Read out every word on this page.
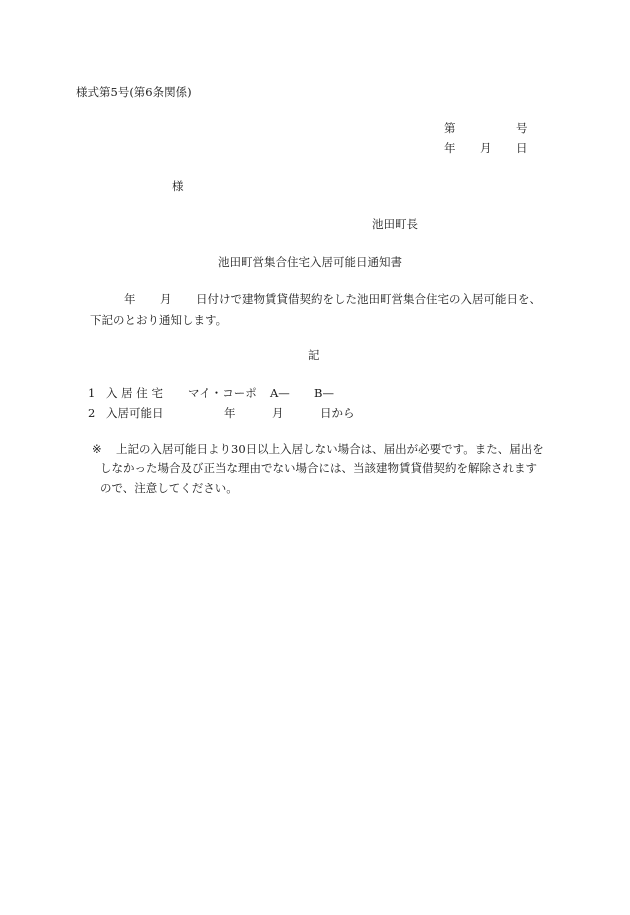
様式第5号(第6条関係)
第	号
年 月 日
様
池田町長
池田町営集合住宅入居可能日通知書
年 月 日付けで建物賃貸借契約をした池田町営集合住宅の入居可能日を、
下記のとおり通知します。
記
1 入 居 住 宅 マイ・コーポ A— B—
2 入居可能日	年	月	日から
※ 上記の入居可能日より30日以上入居しない場合は、届出が必要です。また、届出を
しなかった場合及び正当な理由でない場合には、当該建物賃貸借契約を解除されます
ので、注意してください。
